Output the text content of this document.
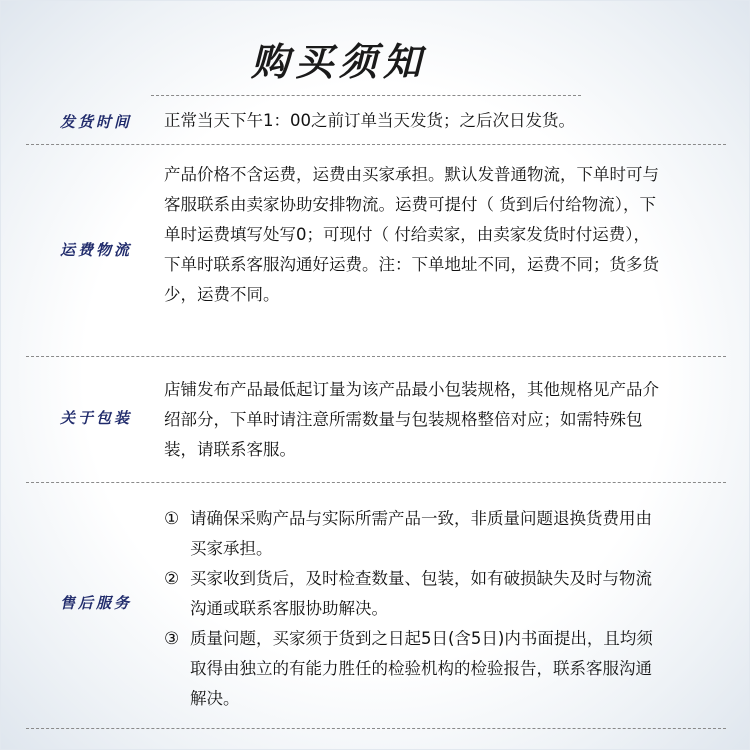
购买须知
发货时间	正常当天下午1：00之前订单当天发货；之后次日发货。
运费物流
产品价格不含运费，运费由买家承担。默认发普通物流，下单时可与客服联系由卖家协助安排物流。运费可提付（ 货到后付给物流），下单时运费填写处写0；可现付（ 付给卖家，由卖家发货时付运费），下单时联系客服沟通好运费。注：下单地址不同，运费不同；货多货少，运费不同。
关于包装
店铺发布产品最低起订量为该产品最小包装规格，其他规格见产品介绍部分，下单时请注意所需数量与包装规格整倍对应；如需特殊包装，请联系客服。
售后服务
① 请确保采购产品与实际所需产品一致，非质量问题退换货费用由买家承担。
② 买家收到货后，及时检查数量、包装，如有破损缺失及时与物流沟通或联系客服协助解决。
③ 质量问题，买家须于货到之日起5日(含5日)内书面提出，且均须取得由独立的有能力胜任的检验机构的检验报告，联系客服沟通解决。
